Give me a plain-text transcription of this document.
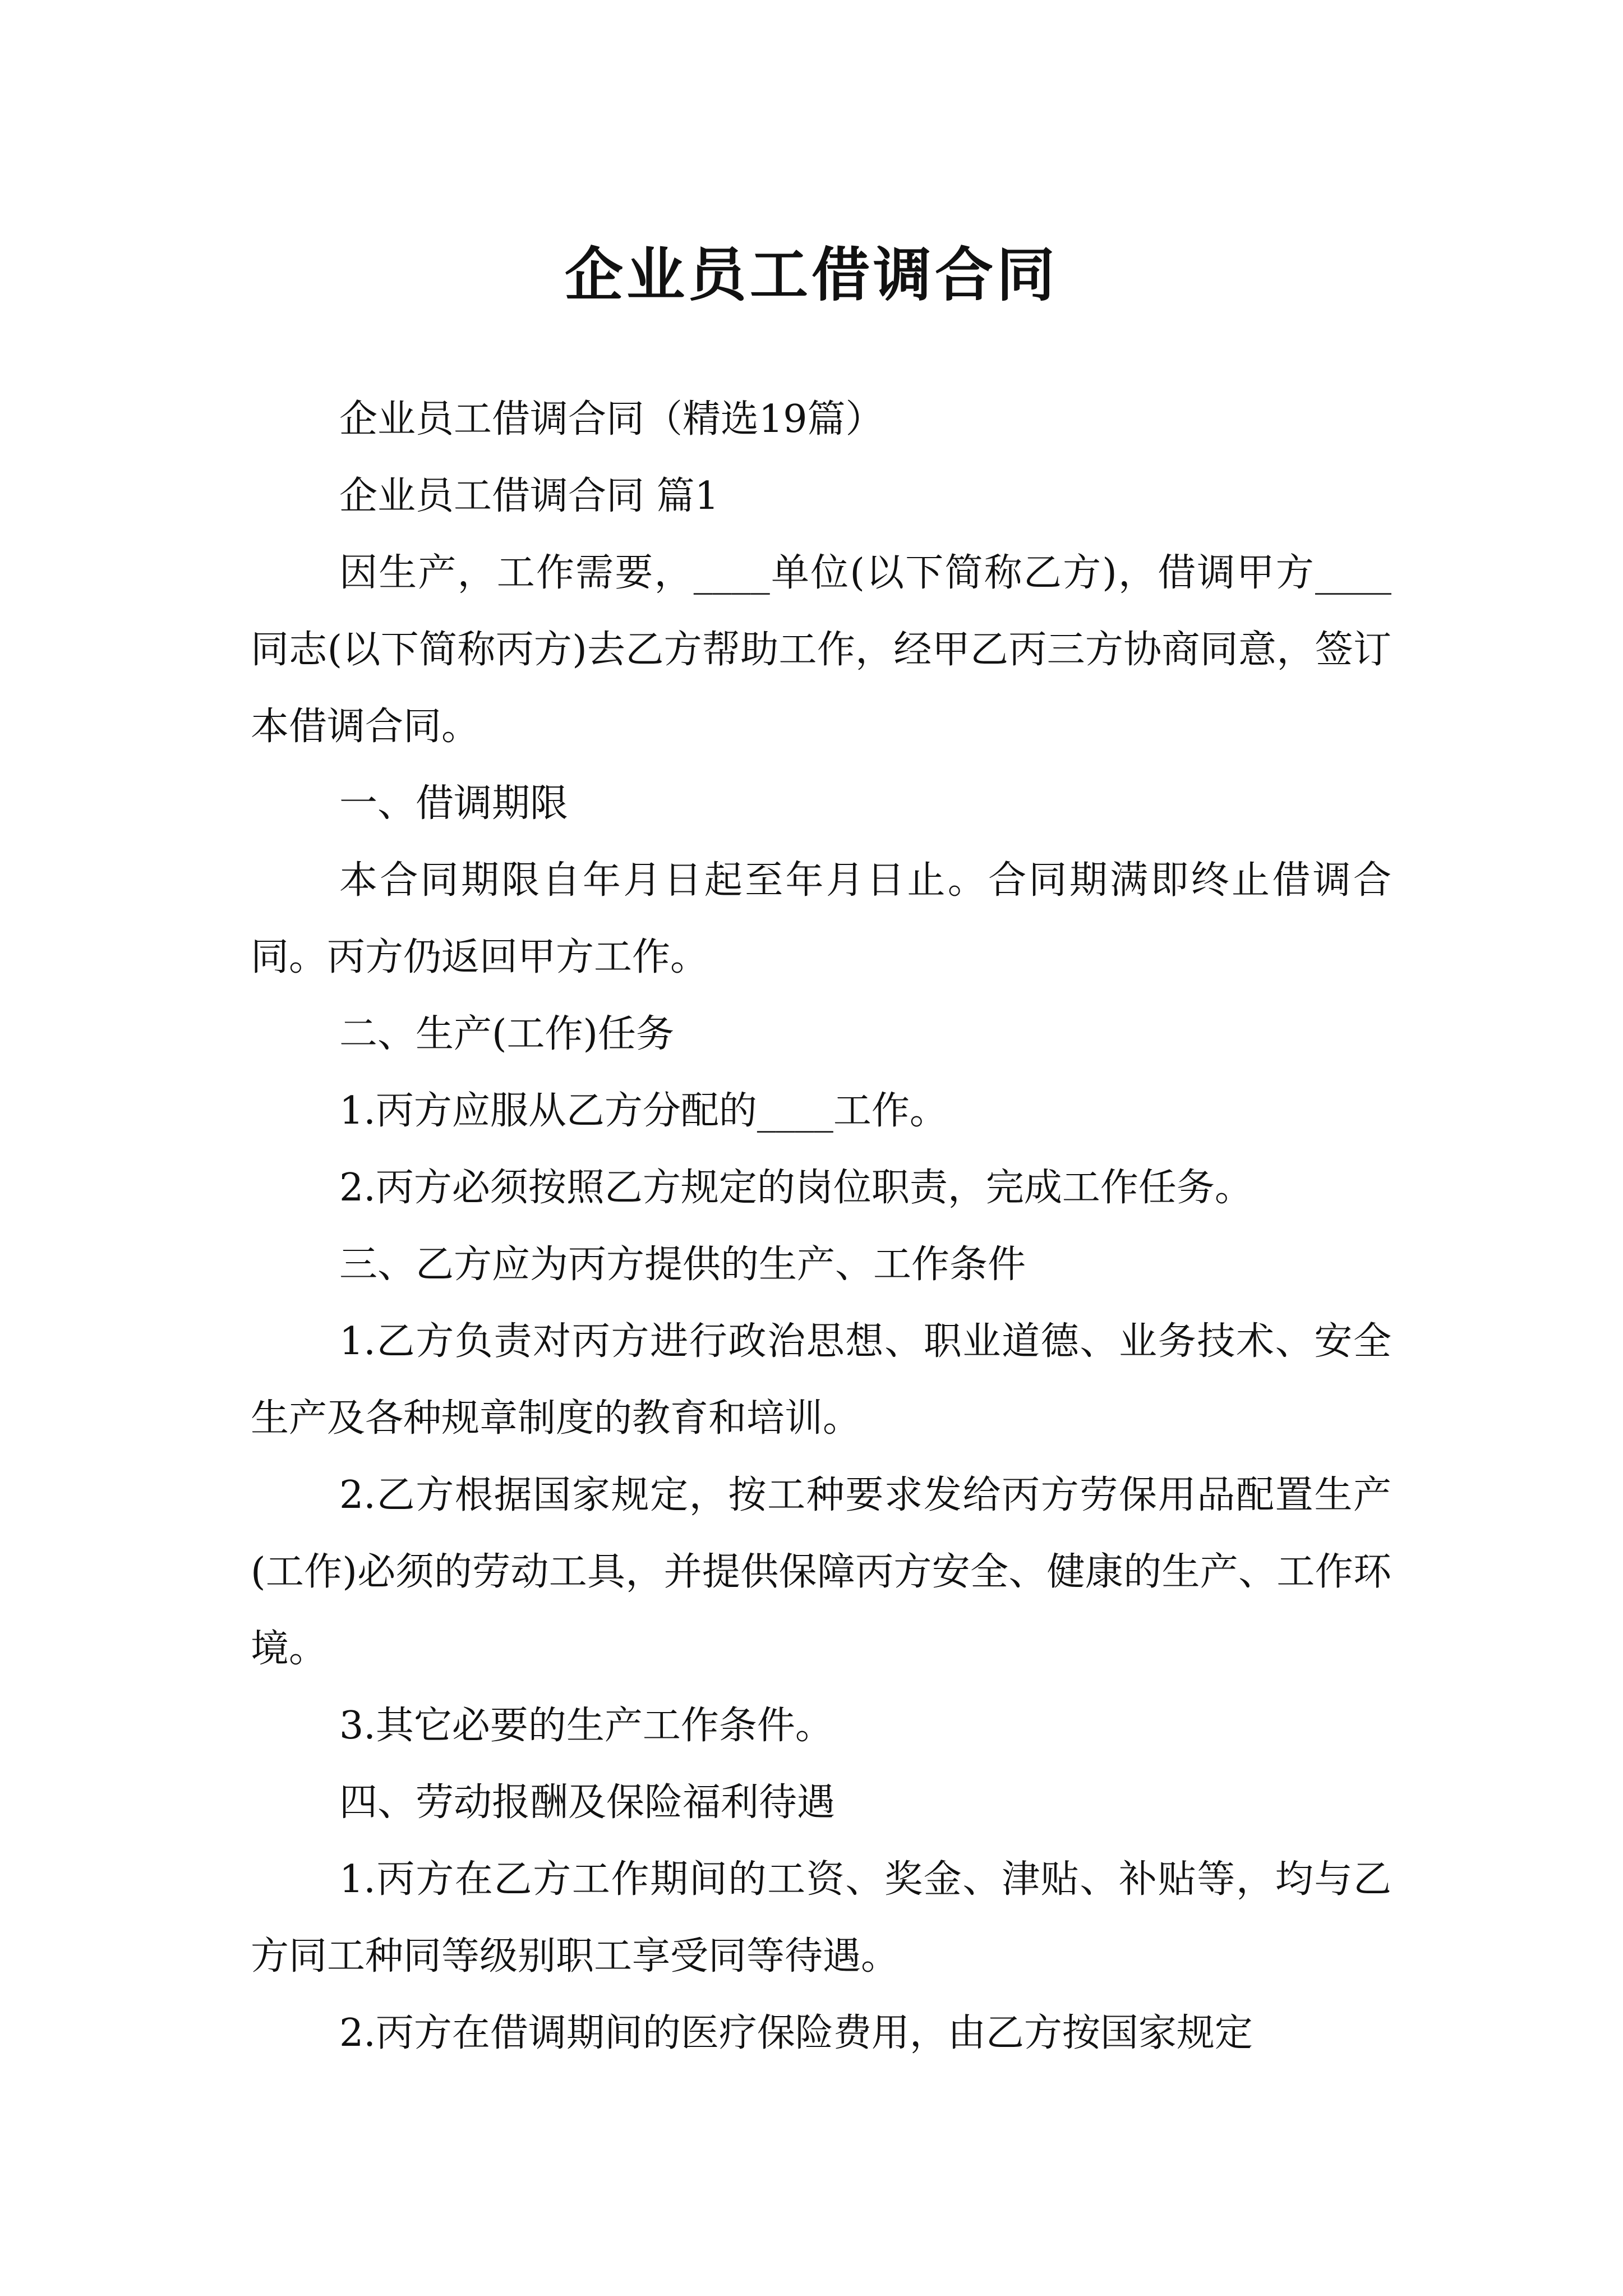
企业员工借调合同

企业员工借调合同（精选19篇）

企业员工借调合同 篇1

因生产，工作需要，____单位(以下简称乙方)，借调甲方____同志(以下简称丙方)去乙方帮助工作，经甲乙丙三方协商同意，签订本借调合同。

一、借调期限

本合同期限自年月日起至年月日止。合同期满即终止借调合同。丙方仍返回甲方工作。

二、生产(工作)任务

1.丙方应服从乙方分配的____工作。

2.丙方必须按照乙方规定的岗位职责，完成工作任务。

三、乙方应为丙方提供的生产、工作条件

1.乙方负责对丙方进行政治思想、职业道德、业务技术、安全生产及各种规章制度的教育和培训。

2.乙方根据国家规定，按工种要求发给丙方劳保用品配置生产(工作)必须的劳动工具，并提供保障丙方安全、健康的生产、工作环境。

3.其它必要的生产工作条件。

四、劳动报酬及保险福利待遇

1.丙方在乙方工作期间的工资、奖金、津贴、补贴等，均与乙方同工种同等级别职工享受同等待遇。

2.丙方在借调期间的医疗保险费用，由乙方按国家规定
